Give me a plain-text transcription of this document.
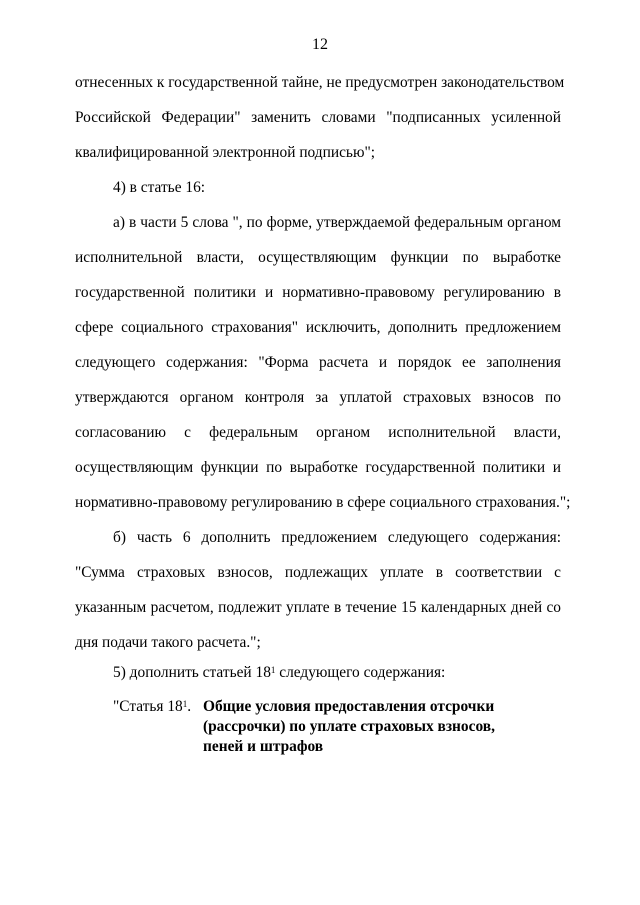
12
отнесенных к государственной тайне, не предусмотрен законодательством
Российской Федерации" заменить словами "подписанных усиленной
квалифицированной электронной подписью";
4) в статье 16:
а) в части 5 слова ", по форме, утверждаемой федеральным органом
исполнительной власти, осуществляющим функции по выработке
государственной политики и нормативно-правовому регулированию в
сфере социального страхования" исключить, дополнить предложением
следующего содержания: "Форма расчета и порядок ее заполнения
утверждаются органом контроля за уплатой страховых взносов по
согласованию с федеральным органом исполнительной власти,
осуществляющим функции по выработке государственной политики и
нормативно-правовому регулированию в сфере социального страхования.";
б) часть 6 дополнить предложением следующего содержания:
"Сумма страховых взносов, подлежащих уплате в соответствии с
указанным расчетом, подлежит уплате в течение 15 календарных дней со
дня подачи такого расчета.";
5) дополнить статьей $18^1$ следующего содержания:
"Статья $18^1$. Общие условия предоставления отсрочки
(рассрочки) по уплате страховых взносов,
пеней и штрафов
